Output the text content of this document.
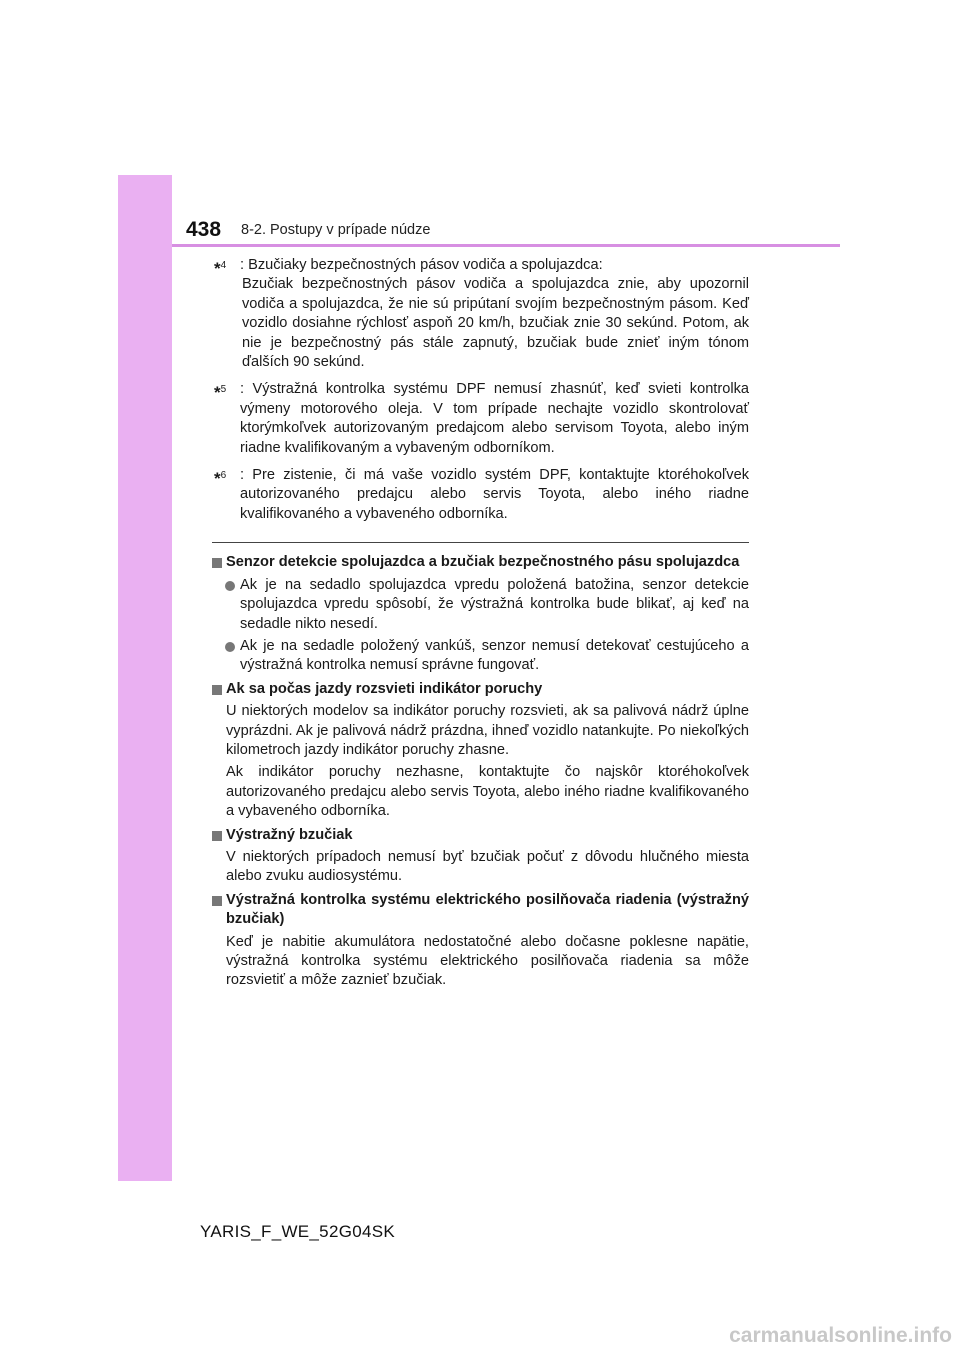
438 8-2. Postupy v prípade núdze
*$^4$ : Bzučiaky bezpečnostných pásov vodiča a spolujazdca:
Bzučiak bezpečnostných pásov vodiča a spolujazdca znie, aby upozornil vodiča a spolujazdca, že nie sú pripútaní svojím bezpečnostným pásom. Keď vozidlo dosiahne rýchlosť aspoň 20 km/h, bzučiak znie 30 sekúnd. Potom, ak nie je bezpečnostný pás stále zapnutý, bzučiak bude znieť iným tónom ďalších 90 sekúnd.
*$^5$ : Výstražná kontrolka systému DPF nemusí zhasnúť, keď svieti kontrolka výmeny motorového oleja. V tom prípade nechajte vozidlo skontrolovať ktorýmkoľvek autorizovaným predajcom alebo servisom Toyota, alebo iným riadne kvalifikovaným a vybaveným odborníkom.
*$^6$ : Pre zistenie, či má vaše vozidlo systém DPF, kontaktujte ktoréhokoľvek autorizovaného predajcu alebo servis Toyota, alebo iného riadne kvalifikovaného a vybaveného odborníka.
Senzor detekcie spolujazdca a bzučiak bezpečnostného pásu spolujazdca
Ak je na sedadlo spolujazdca vpredu položená batožina, senzor detekcie spolujazdca vpredu spôsobí, že výstražná kontrolka bude blikať, aj keď na sedadle nikto nesedí.
Ak je na sedadle položený vankúš, senzor nemusí detekovať cestujúceho a výstražná kontrolka nemusí správne fungovať.
Ak sa počas jazdy rozsvieti indikátor poruchy
U niektorých modelov sa indikátor poruchy rozsvieti, ak sa palivová nádrž úplne vyprázdni. Ak je palivová nádrž prázdna, ihneď vozidlo natankujte. Po niekoľkých kilometroch jazdy indikátor poruchy zhasne.
Ak indikátor poruchy nezhasne, kontaktujte čo najskôr ktoréhokoľvek autorizovaného predajcu alebo servis Toyota, alebo iného riadne kvalifikovaného a vybaveného odborníka.
Výstražný bzučiak
V niektorých prípadoch nemusí byť bzučiak počuť z dôvodu hlučného miesta alebo zvuku audiosystému.
Výstražná kontrolka systému elektrického posilňovača riadenia (výstražný bzučiak)
Keď je nabitie akumulátora nedostatočné alebo dočasne poklesne napätie, výstražná kontrolka systému elektrického posilňovača riadenia sa môže rozsvietiť a môže zaznieť bzučiak.
YARIS_F_WE_52G04SK
carmanualsonline.info
